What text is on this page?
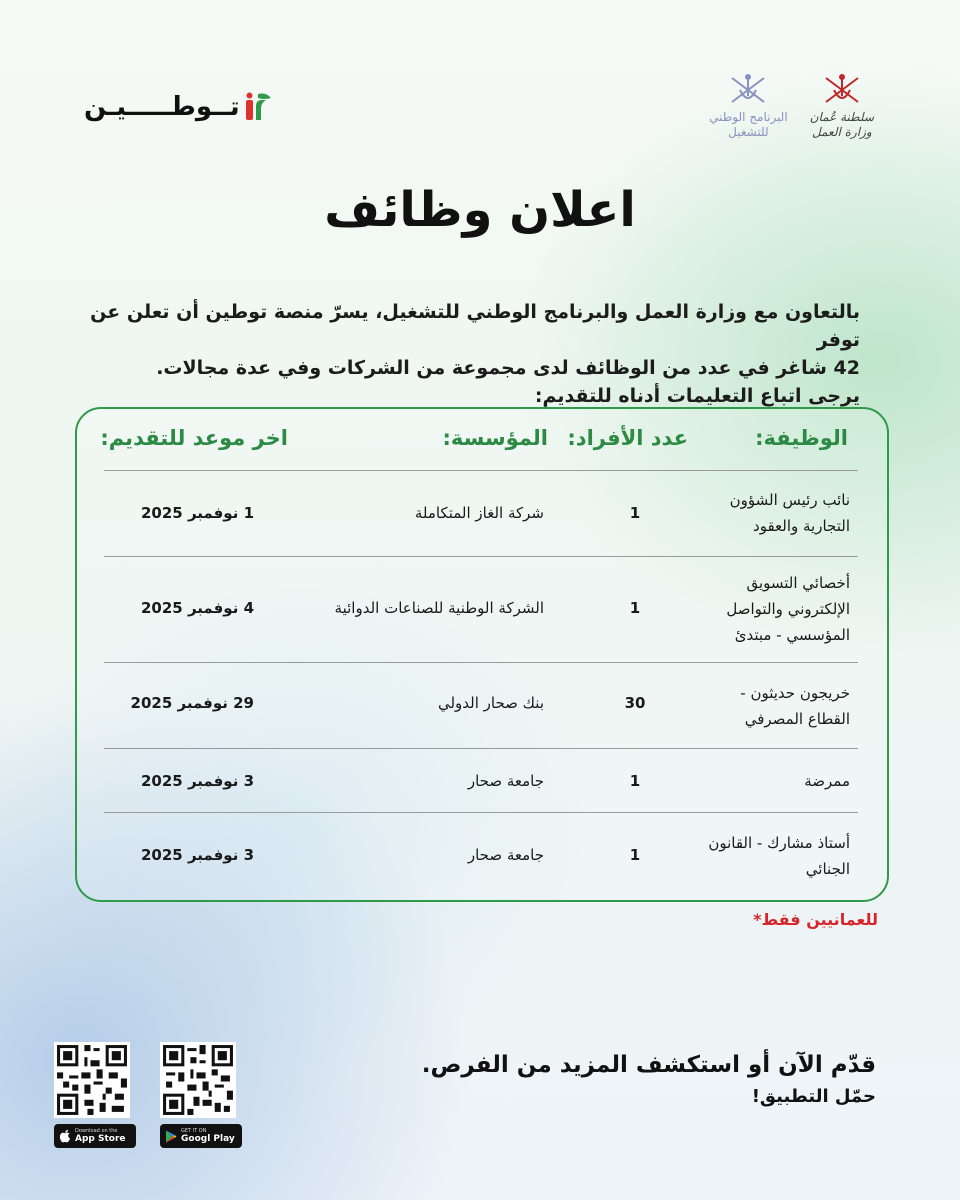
تــوطـــــيـن	البرنامج الوطني
للتشغيل
سلطنة عُمان
وزارة العمل
اعلان وظائف
بالتعاون مع وزارة العمل والبرنامج الوطني للتشغيل، يسرّ منصة توطين أن تعلن عن توفر
42 شاغر في عدد من الوظائف لدى مجموعة من الشركات وفي عدة مجالات.
يرجى اتباع التعليمات أدناه للتقديم:
الوظيفة:
عدد الأفراد:
المؤسسة:
اخر موعد للتقديم:
نائب رئيس الشؤون التجارية والعقود
1
شركة الغاز المتكاملة
1 نوفمبر 2025
أخصائي التسويق الإلكتروني والتواصل المؤسسي - مبتدئ
1
الشركة الوطنية للصناعات الدوائية
4 نوفمبر 2025
خريجون حديثون - القطاع المصرفي
30
بنك صحار الدولي
29 نوفمبر 2025
ممرضة
1
جامعة صحار
3 نوفمبر 2025
أستاذ مشارك - القانون الجنائي
1
جامعة صحار
3 نوفمبر 2025
للعمانيين فقط*
قدّم الآن أو استكشف المزيد من الفرص.
حمّل التطبيق!
Download on the
App Store
GET IT ON
Googl Play
